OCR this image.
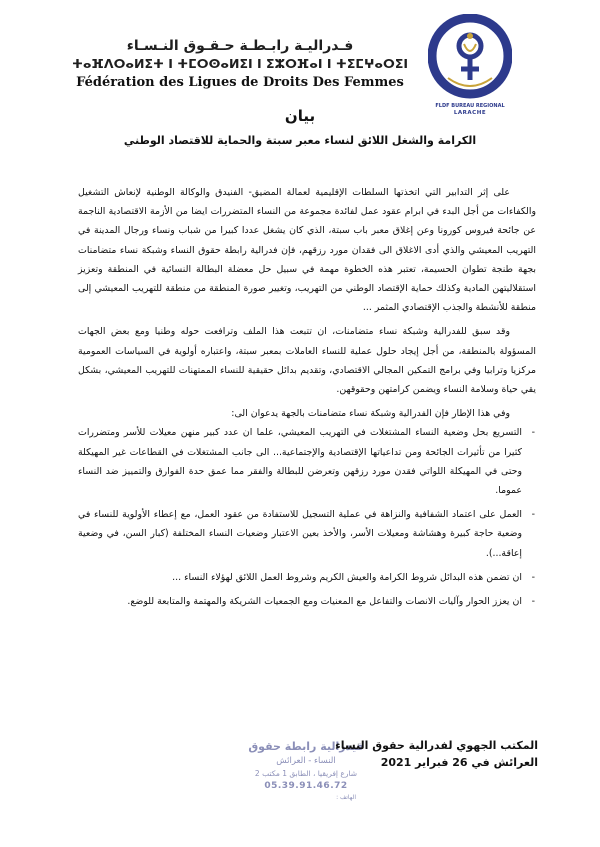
فـدراليـة رابـطـة حـقـوق النـسـاء
ⵜⴰⴼⴷⵔⴰⵍⵉⵜ ⵏ ⵜⵎⵔⵙⴰⵍⵉⵏ ⵏ ⵉⵣⵔⴼⴰⵏ ⵏ ⵜⵉⵎⵖⴰⵔⵉⵏ
Fédération des Ligues de Droits Des Femmes
FLDF BUREAU REGIONAL
LARACHE
بيان
الكرامة والشغل اللائق لنساء معبر سبتة والحماية للاقتصاد الوطني

على إثر التدابير التي اتخذتها السلطات الإقليمية لعمالة المضيق- الفنيدق والوكالة الوطنية لإنعاش التشغيل والكفاءات من أجل البدء في ابرام عقود عمل لفائدة مجموعة من النساء المتضررات ايضا من الأزمة الاقتصادية الناجمة عن جائحة فيروس كورونا وعن إغلاق معبر باب سبتة، الذي كان يشغل عددا كبيرا من شباب ونساء ورجال المدينة في التهريب المعيشي والذي أدى الاغلاق الى فقدان مورد رزقهم، فإن فدرالية رابطة حقوق النساء وشبكة نساء متضامنات بجهة طنجة تطوان الحسيمة، تعتبر هذه الخطوة مهمة في سبيل حل معضلة البطالة النسائية في المنطقة وتعزيز استقلاليتهن المادية وكذلك حماية الإقتصاد الوطني من التهريب، وتغيير صورة المنطقة من منطقة للتهريب المعيشي إلى منطقة للأنشطة والجذب الإقتصادي المثمر ...

وقد سبق للفدرالية وشبكة نساء متضامنات، ان تتبعت هذا الملف وترافعت حوله وطنيا ومع بعض الجهات المسؤولة بالمنطقة، من أجل إيجاد حلول عملية للنساء العاملات بمعبر سبتة، واعتباره أولوية في السياسات العمومية مركزيا وترابيا وفي برامج التمكين المجالي الاقتصادي، وتقديم بدائل حقيقية للنساء الممتهنات للتهريب المعيشي، بشكل يقي حياة وسلامة النساء ويضمن كرامتهن وحقوقهن.

وفي هذا الإطار فإن الفدرالية وشبكة نساء متضامنات بالجهة يدعوان الى:

- التسريع بحل وضعية النساء المشتغلات في التهريب المعيشي، علما ان عدد كبير منهن معيلات للأسر ومتضررات كثيرا من تأثيرات الجائحة ومن تداعياتها الإقتصادية والإجتماعية... الى جانب المشتغلات في القطاعات غير المهيكلة وحتى في المهيكلة اللواتي فقدن مورد رزقهن وتعرضن للبطالة والفقر مما عمق حدة الفوارق والتمييز ضد النساء عموما.
- العمل على اعتماد الشفافية والنزاهة في عملية التسجيل للاستفادة من عقود العمل، مع إعطاء الأولوية للنساء في وضعية حاجة كبيرة وهشاشة ومعيلات الأسر، والأخذ بعين الاعتبار وضعيات النساء المختلفة (كبار السن، في وضعية إعاقة...).
- ان تضمن هذه البدائل شروط الكرامة والعيش الكريم وشروط العمل اللائق لهؤلاء النساء ...
- ان يعزز الحوار وآليات الانصات والتفاعل مع المعنيات ومع الجمعيات الشريكة والمهتمة والمتابعة للوضع.
فيدرالية رابطة حقوق
النساء - العرائش
شارع إفريقيا ، الطابق 1 مكتب 2
05.39.91.46.72
الهاتف :
المكتب الجهوي لفدرالية حقوق النساء
العرائش في 26 فبراير 2021
